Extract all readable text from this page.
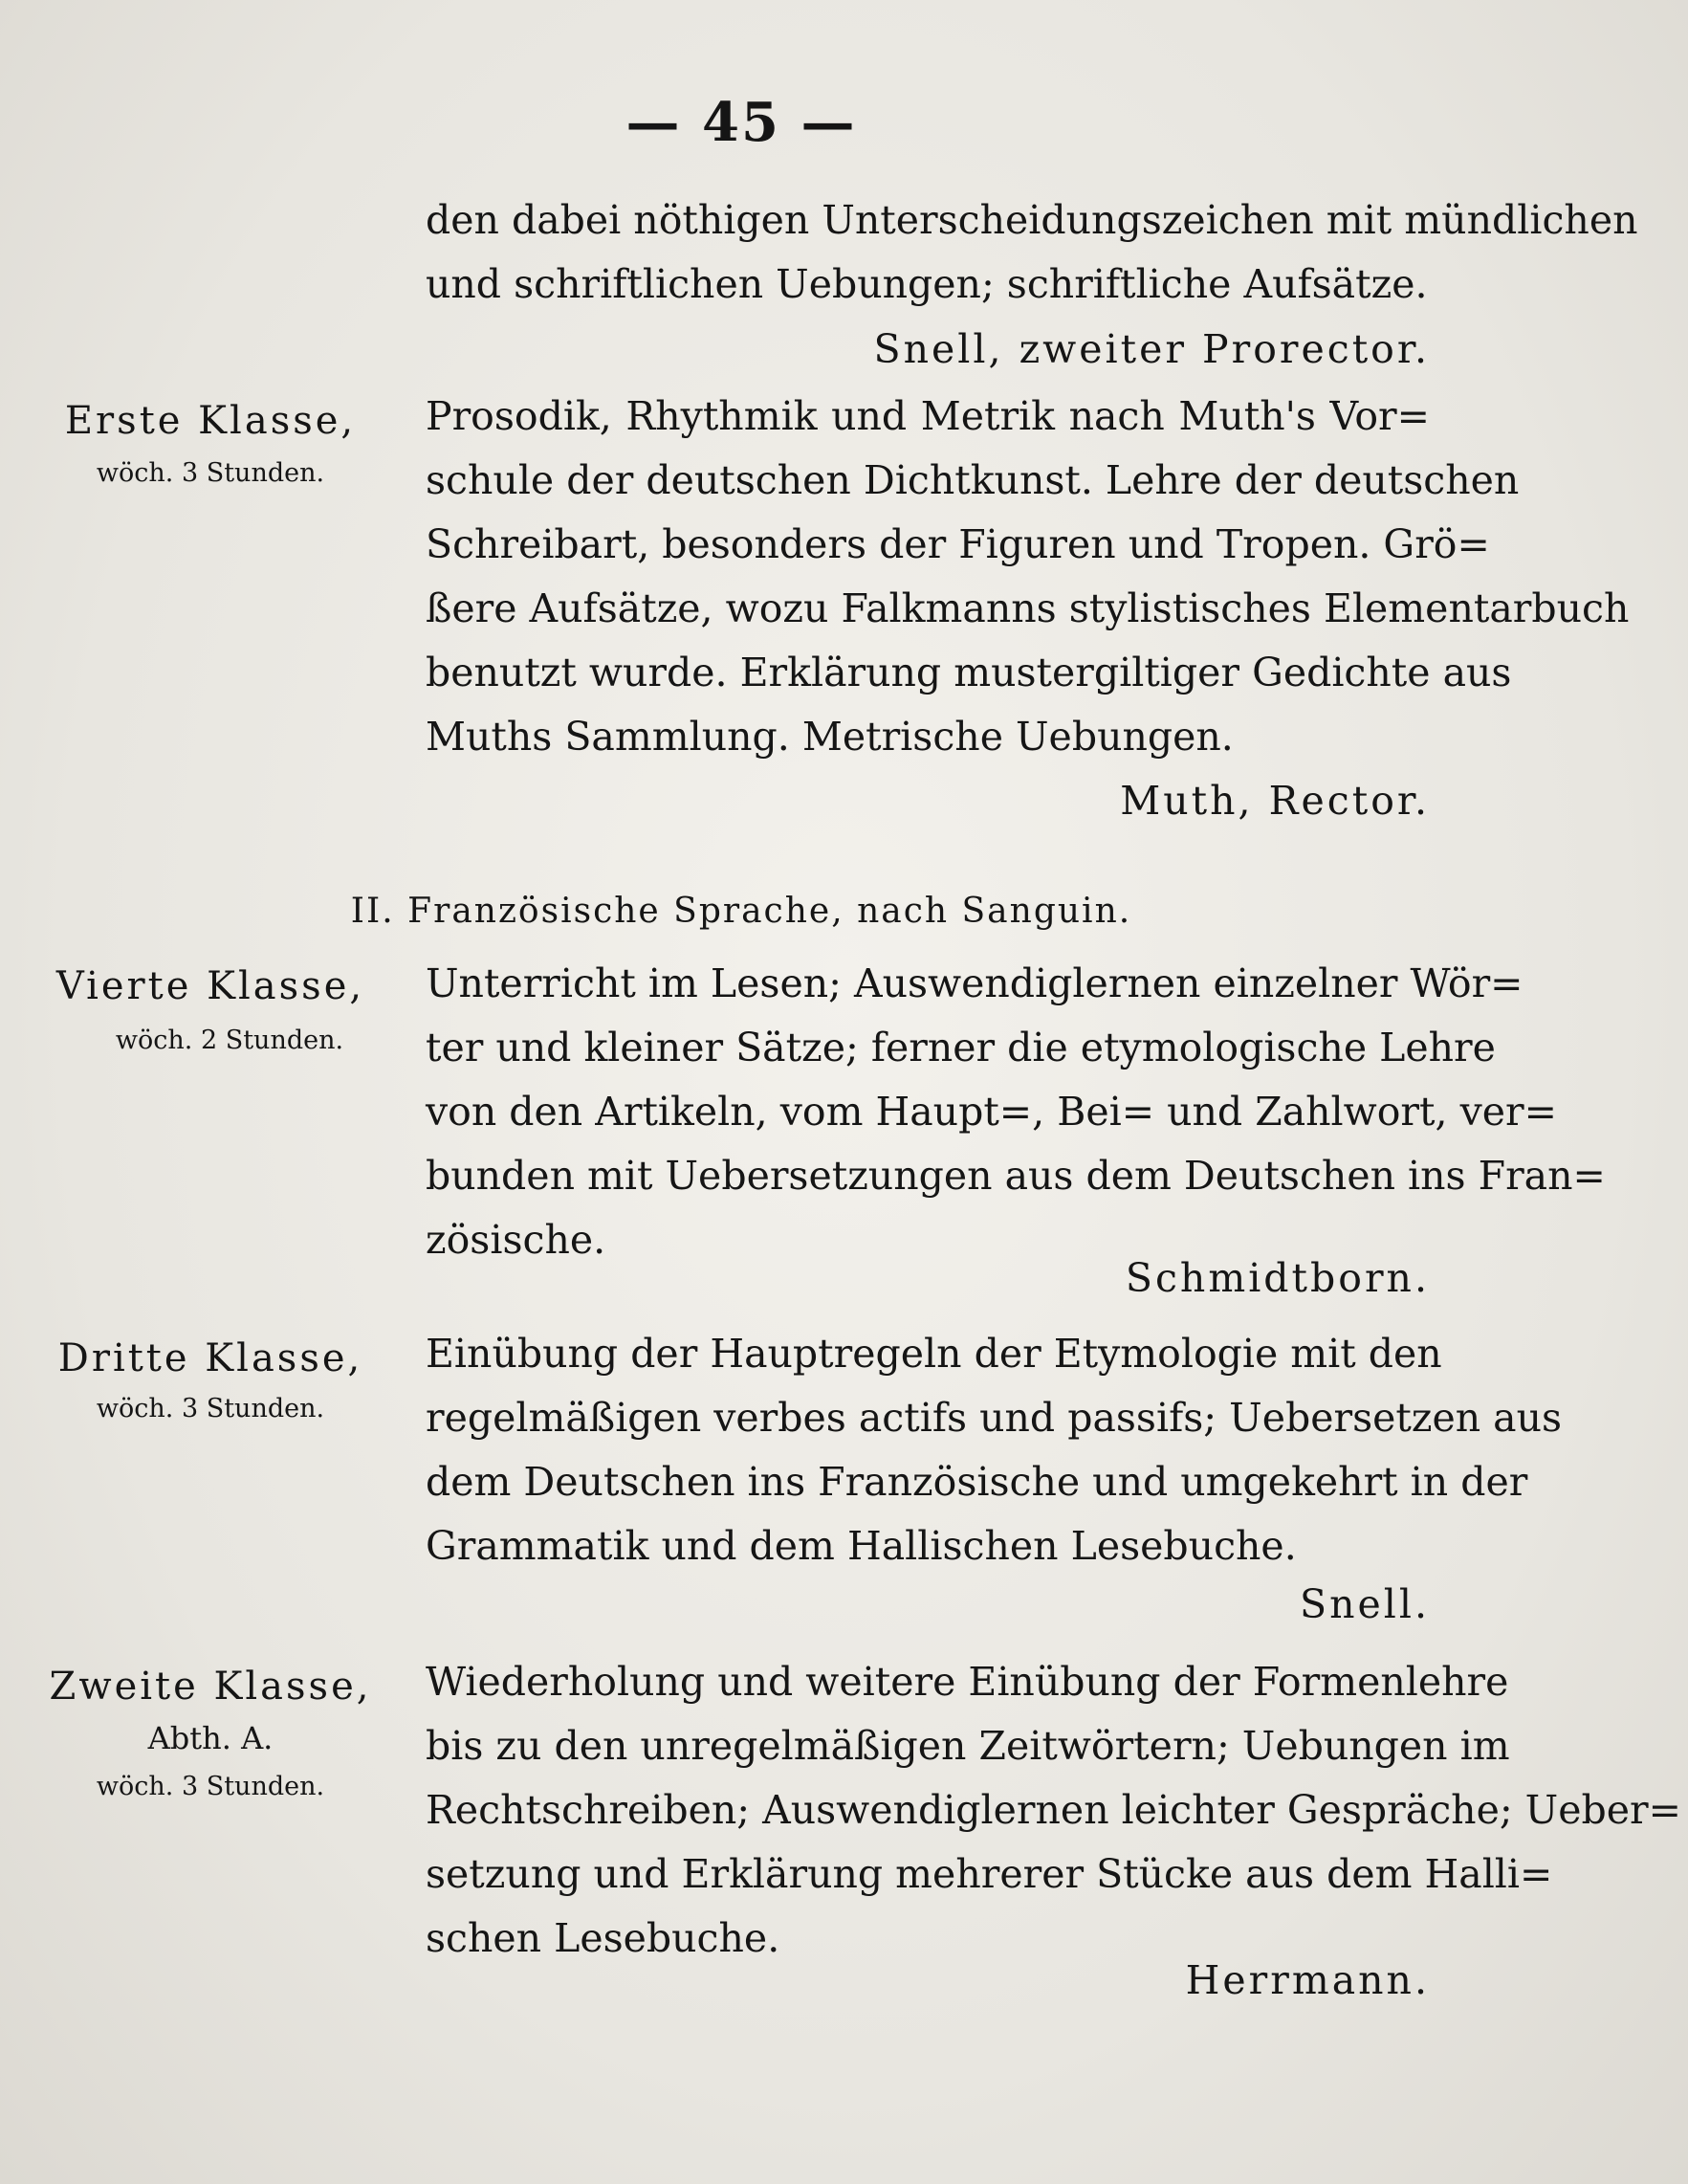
— 45 —
den dabei nöthigen Unterscheidungszeichen mit mündlichen
und schriftlichen Uebungen; schriftliche Aufsätze.
Snell, zweiter Prorector.
Erste Klasse,
wöch. 3 Stunden.
Prosodik, Rhythmik und Metrik nach Muth's Vor=
schule der deutschen Dichtkunst. Lehre der deutschen
Schreibart, besonders der Figuren und Tropen. Grö=
ßere Aufsätze, wozu Falkmanns stylistisches Elementarbuch
benutzt wurde. Erklärung mustergiltiger Gedichte aus
Muths Sammlung. Metrische Uebungen.
Muth, Rector.
II. Französische Sprache, nach Sanguin.
Vierte Klasse,
wöch. 2 Stunden.
Unterricht im Lesen; Auswendiglernen einzelner Wör=
ter und kleiner Sätze; ferner die etymologische Lehre
von den Artikeln, vom Haupt=, Bei= und Zahlwort, ver=
bunden mit Uebersetzungen aus dem Deutschen ins Fran=
zösische.
Schmidtborn.
Dritte Klasse,
wöch. 3 Stunden.
Einübung der Hauptregeln der Etymologie mit den
regelmäßigen verbes actifs und passifs; Uebersetzen aus
dem Deutschen ins Französische und umgekehrt in der
Grammatik und dem Hallischen Lesebuche.
Snell.
Zweite Klasse,
Abth. A.
wöch. 3 Stunden.
Wiederholung und weitere Einübung der Formenlehre
bis zu den unregelmäßigen Zeitwörtern; Uebungen im
Rechtschreiben; Auswendiglernen leichter Gespräche; Ueber=
setzung und Erklärung mehrerer Stücke aus dem Halli=
schen Lesebuche.
Herrmann.
